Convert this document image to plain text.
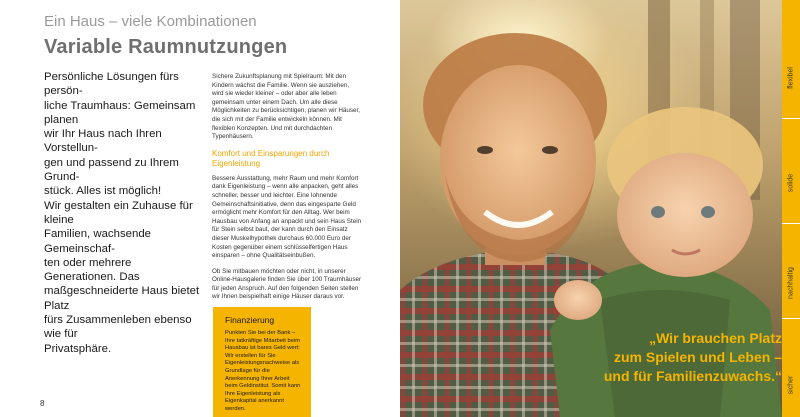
Ein Haus – viele Kombinationen
Variable Raumnutzungen

Persönliche Lösungen fürs persön-

liche Traumhaus: Gemeinsam planen

wir Ihr Haus nach Ihren Vorstellun-

gen und passend zu Ihrem Grund-

stück. Alles ist möglich!

Wir gestalten ein Zuhause für kleine

Familien, wachsende Gemeinschaf-

ten oder mehrere Generationen. Das

maßgeschneiderte Haus bietet Platz

fürs Zusammenleben ebenso wie für

Privatsphäre.

Sichere Zukunftsplanung mit Spielraum: Mit den Kindern wächst die Familie. Wenn sie ausziehen, wird sie wieder kleiner – oder aber alle leben gemeinsam unter einem Dach. Um alle diese Möglichkeiten zu berücksichtigen, planen wir Häuser, die sich mit der Familie entwickeln können. Mit flexiblen Konzepten. Und mit durchdachten Typenhäusern.

Komfort und Einsparungen durch Eigenleistung

Bessere Ausstattung, mehr Raum und mehr Komfort dank Eigenleistung – wenn alle anpacken, geht alles schneller, besser und leichter. Eine lohnende Gemeinschaftsinitiative, denn das eingesparte Geld ermöglicht mehr Komfort für den Alltag. Wer beim Hausbau von Anfang an anpackt und sein Haus Stein für Stein selbst baut, der kann durch den Einsatz dieser Muskelhypothek durchaus 60.000 Euro der Kosten gegenüber einem schlüsselfertigen Haus einsparen – ohne Qualitätseinbußen.

Ob Sie mitbauen möchten oder nicht, in unserer Online-Hausgalerie finden Sie über 100 Traumhäuser für jeden Anspruch. Auf den folgenden Seiten stellen wir Ihnen beispielhaft einige Häuser daraus vor.

Finanzierung
Punkten Sie bei der Bank – Ihre tatkräftige Mitarbeit beim Hausbau ist bares Geld wert: Wir erstellen für Sie Eigenleistungsnachweise als Grundlage für die Anerkennung Ihrer Arbeit beim Geldinstitut. Somit kann Ihre Eigenleistung als Eigenkapital anerkannt werden.
8
„Wir brauchen Platz
zum Spielen und Leben –
und für Familienzuwachs.“
flexibel
solide
nachhaltig
sicher
